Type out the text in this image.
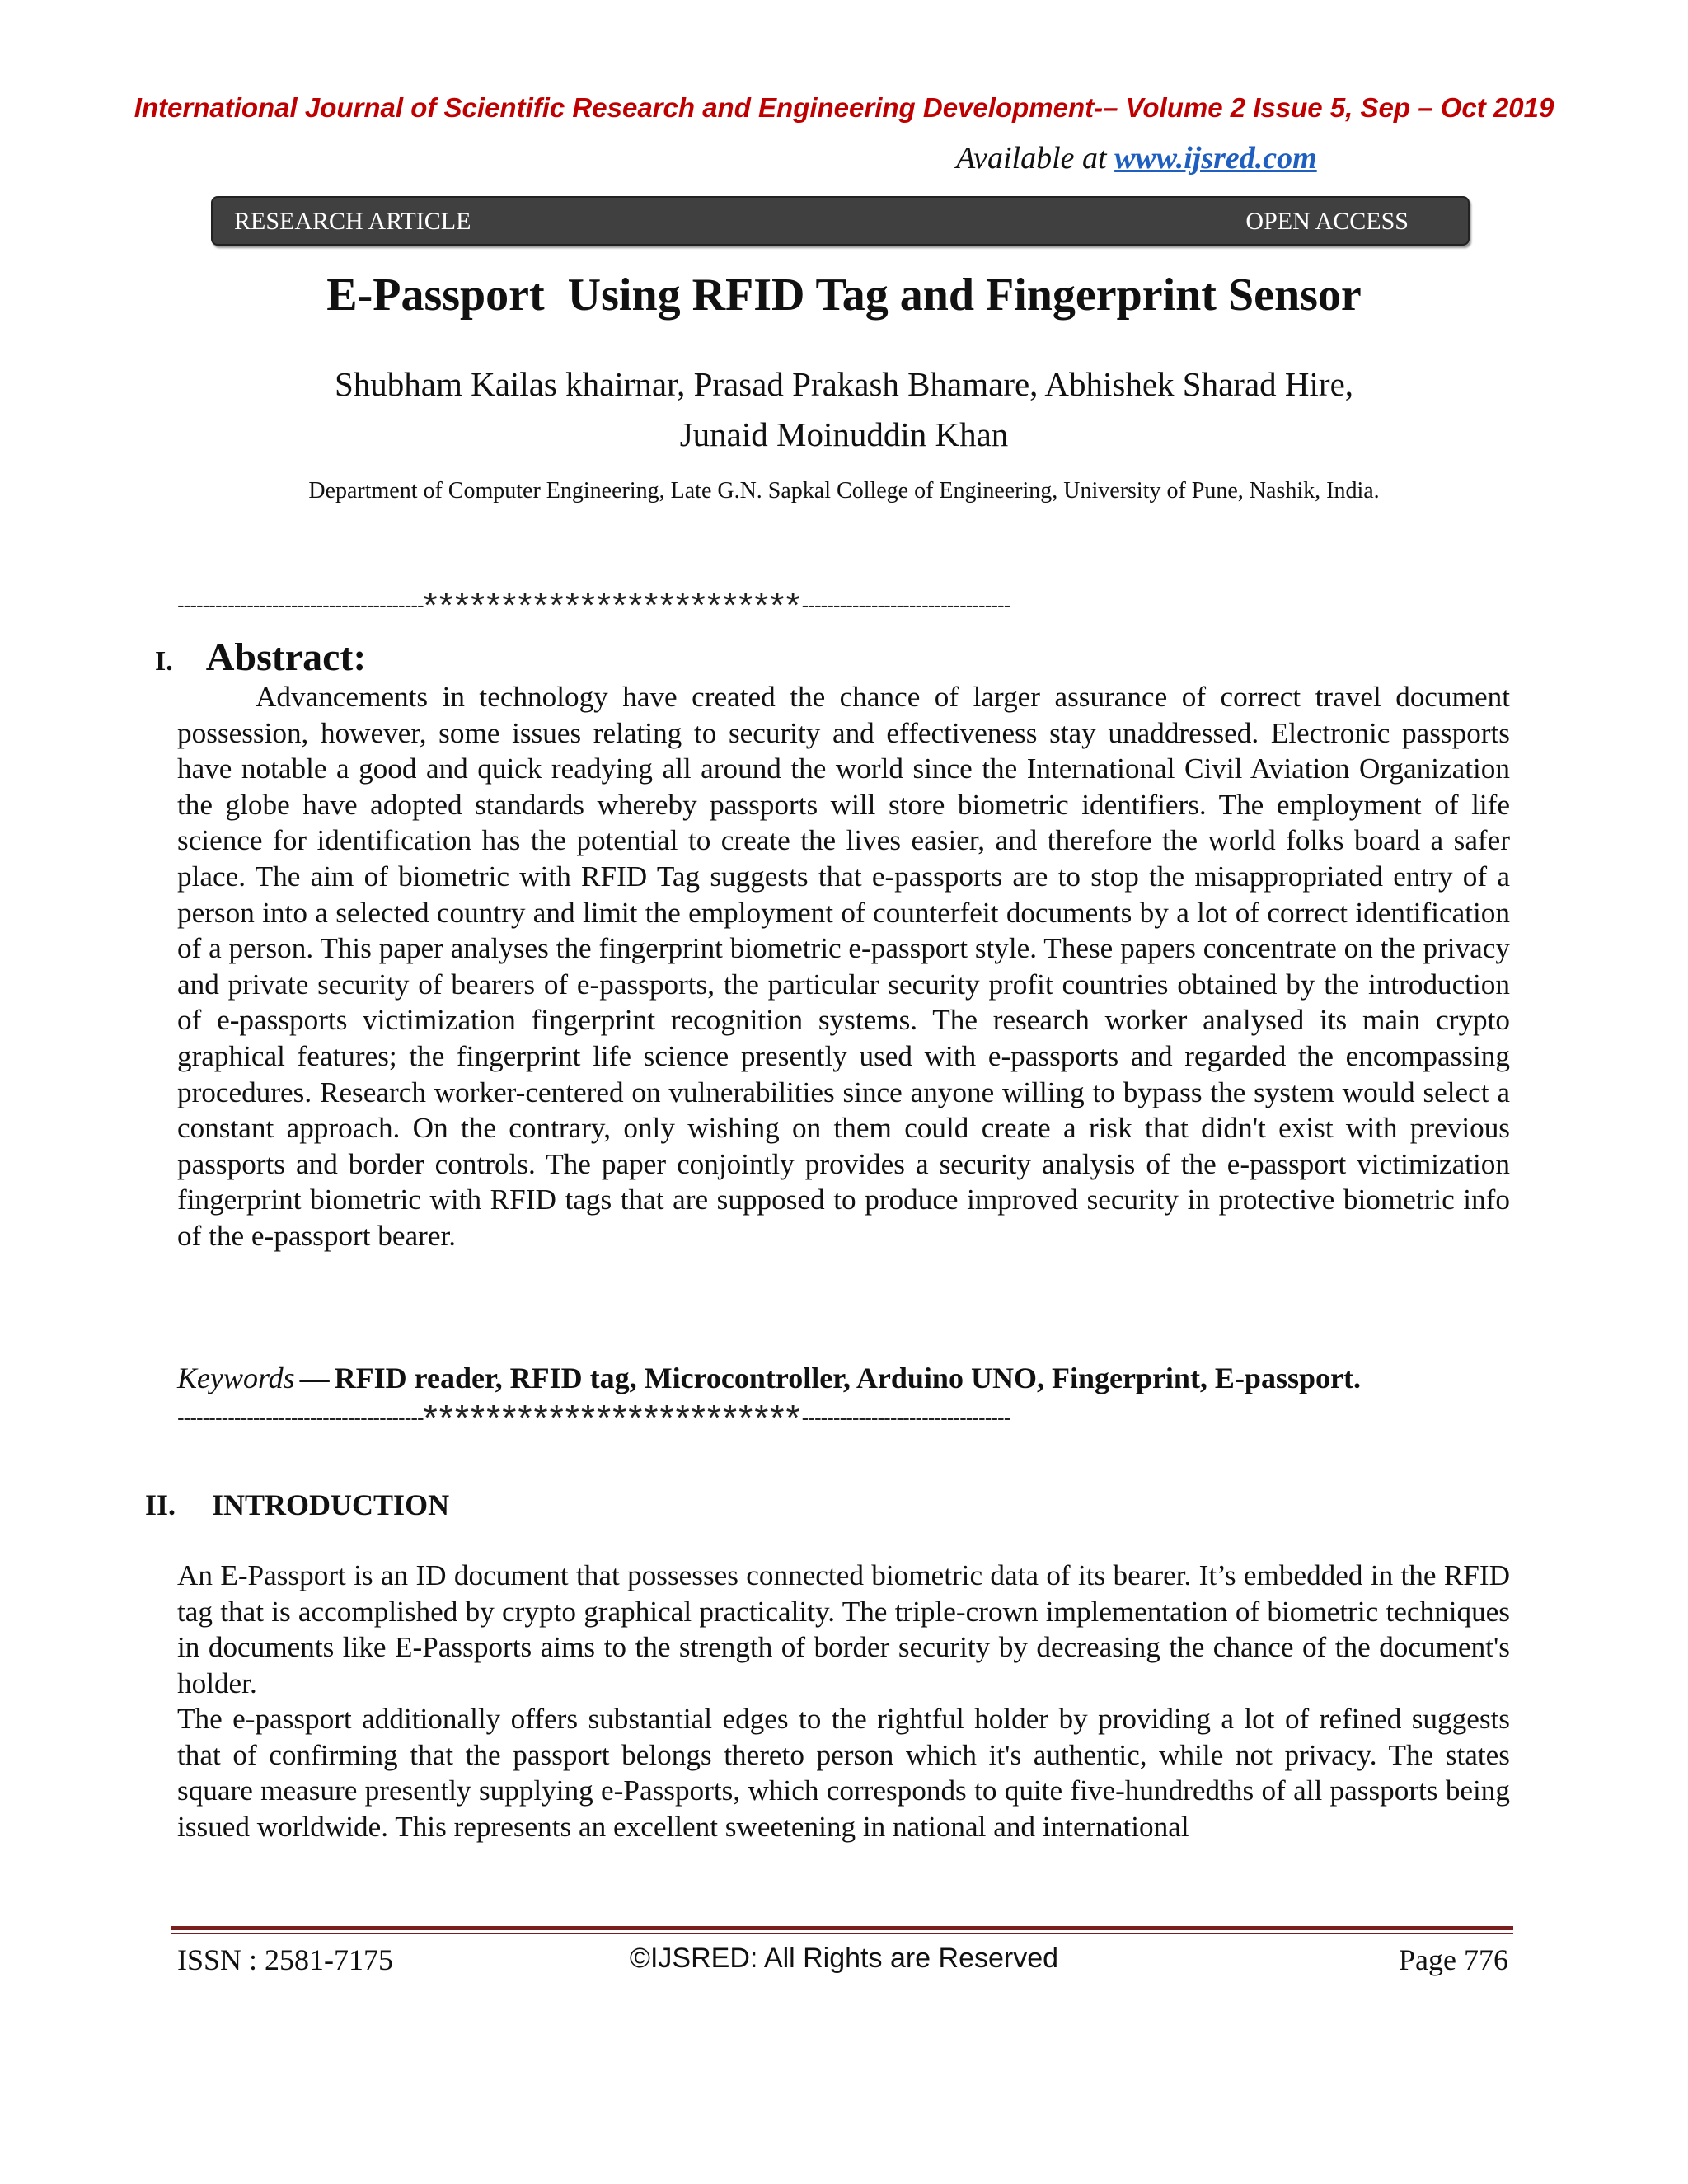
International Journal of Scientific Research and Engineering Development-– Volume 2 Issue 5, Sep – Oct 2019
Available at www.ijsred.com
RESEARCH ARTICLE	OPEN ACCESS
E-Passport  Using RFID Tag and Fingerprint Sensor
Shubham Kailas khairnar, Prasad Prakash Bhamare, Abhishek Sharad Hire,
Junaid Moinuddin Khan
Department of Computer Engineering, Late G.N. Sapkal College of Engineering, University of Pune, Nashik, India.
---------------------------------------************************---------------------------------
I. Abstract:
Advancements in technology have created the chance of larger assurance of correct travel document possession, however, some issues relating to security and effectiveness stay unaddressed. Electronic passports have notable a good and quick readying all around the world since the International Civil Aviation Organization the globe have adopted standards whereby passports will store biometric identifiers. The employment of life science for identification has the potential to create the lives easier, and therefore the world folks board a safer place. The aim of biometric with RFID Tag suggests that e-passports are to stop the misappropriated entry of a person into a selected country and limit the employment of counterfeit documents by a lot of correct identification of a person. This paper analyses the fingerprint biometric e-passport style. These papers concentrate on the privacy and private security of bearers of e-passports, the particular security profit countries obtained by the introduction of e-passports victimization fingerprint recognition systems. The research worker analysed its main crypto graphical features; the fingerprint life science presently used with e-passports and regarded the encompassing procedures. Research worker-centered on vulnerabilities since anyone willing to bypass the system would select a constant approach. On the contrary, only wishing on them could create a risk that didn't exist with previous passports and border controls. The paper conjointly provides a security analysis of the e-passport victimization fingerprint biometric with RFID tags that are supposed to produce improved security in protective biometric info of the e-passport bearer.
Keywords — RFID reader, RFID tag, Microcontroller, Arduino UNO, Fingerprint, E-passport.
---------------------------------------************************---------------------------------
II. INTRODUCTION
An E-Passport is an ID document that possesses connected biometric data of its bearer. It’s embedded in the RFID tag that is accomplished by crypto graphical practicality. The triple-crown implementation of biometric techniques in documents like E-Passports aims to the strength of border security by decreasing the chance of the document's holder.
The e-passport additionally offers substantial edges to the rightful holder by providing a lot of refined suggests that of confirming that the passport belongs thereto person which it's authentic, while not privacy. The states square measure presently supplying e-Passports, which corresponds to quite five-hundredths of all passports being issued worldwide. This represents an excellent sweetening in national and international
ISSN : 2581-7175	©IJSRED: All Rights are Reserved	Page 776
